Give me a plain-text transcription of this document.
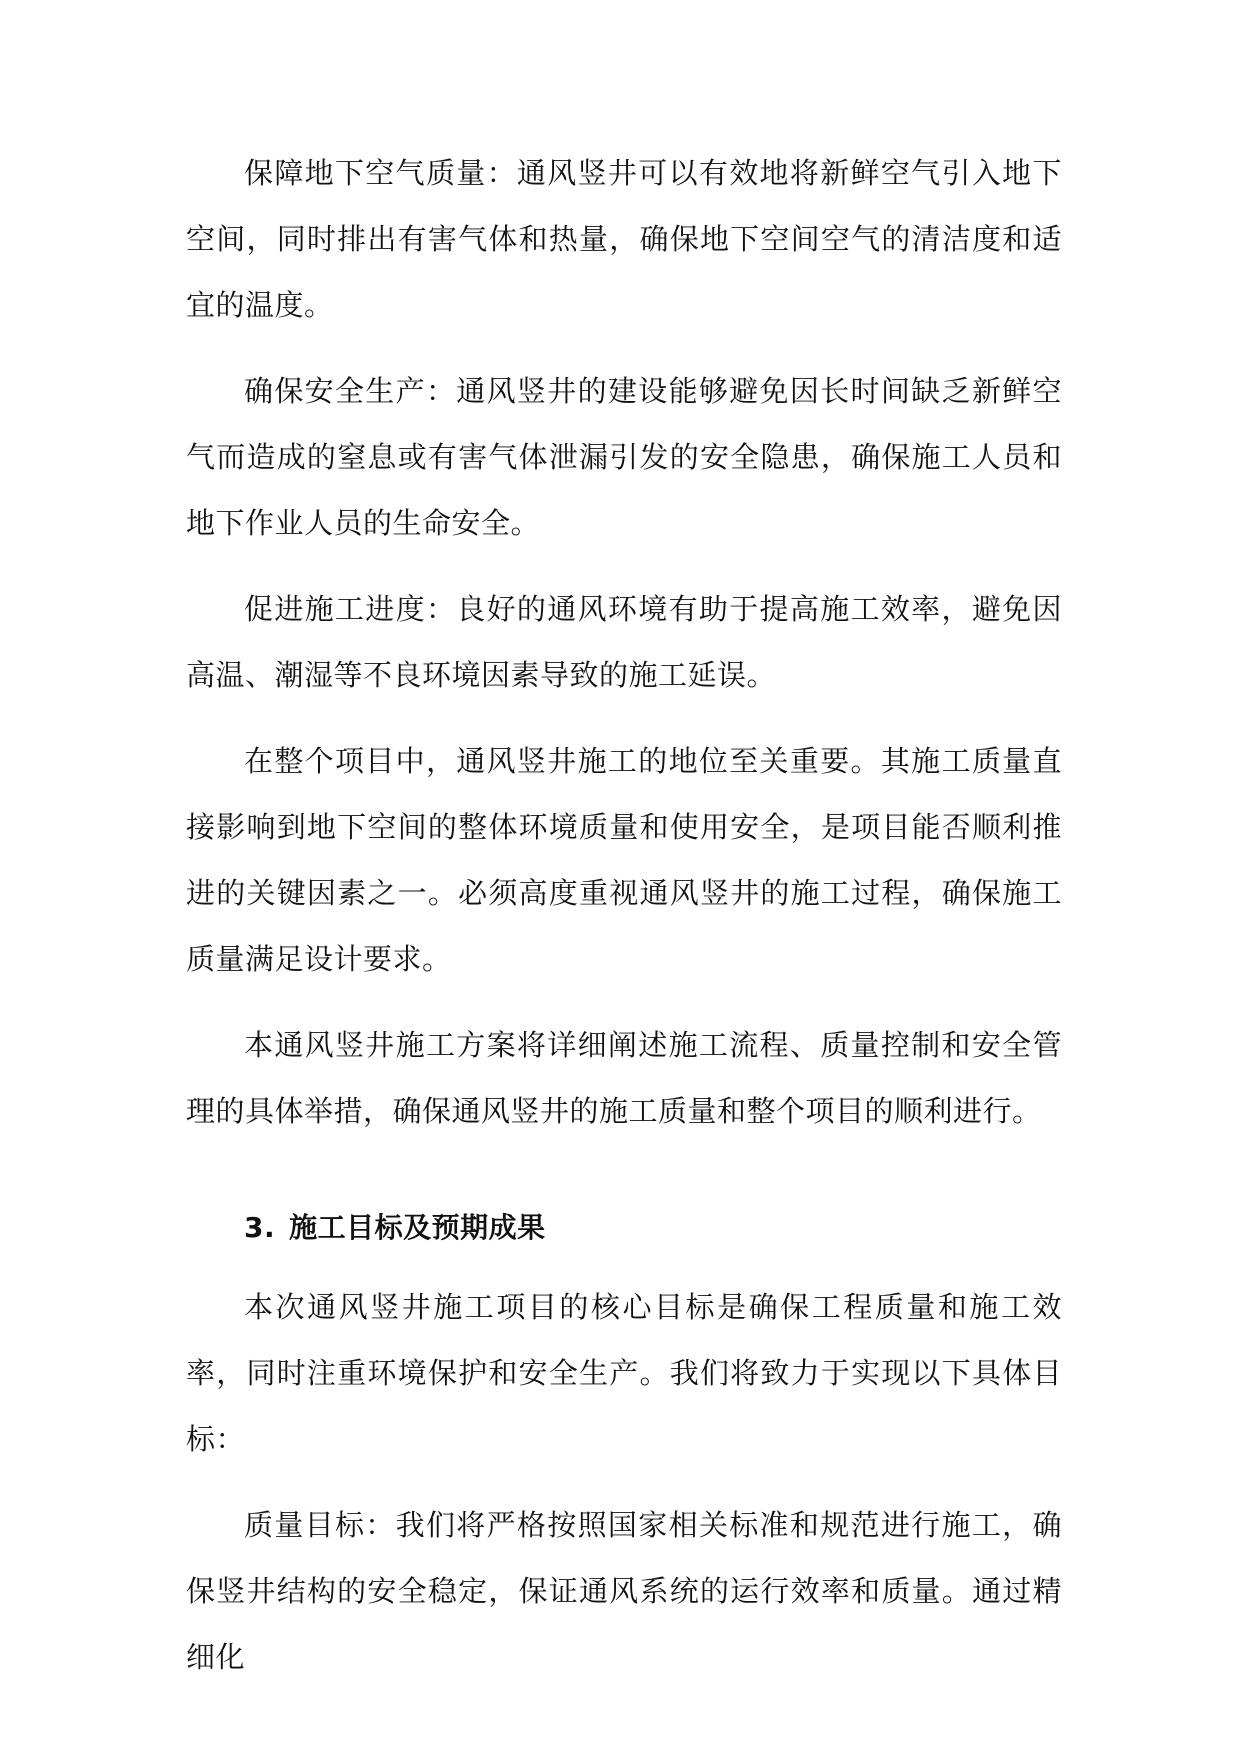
保障地下空气质量：通风竖井可以有效地将新鲜空气引入地下空间，同时排出有害气体和热量，确保地下空间空气的清洁度和适宜的温度。

确保安全生产：通风竖井的建设能够避免因长时间缺乏新鲜空气而造成的窒息或有害气体泄漏引发的安全隐患，确保施工人员和地下作业人员的生命安全。

促进施工进度：良好的通风环境有助于提高施工效率，避免因高温、潮湿等不良环境因素导致的施工延误。

在整个项目中，通风竖井施工的地位至关重要。其施工质量直接影响到地下空间的整体环境质量和使用安全，是项目能否顺利推进的关键因素之一。必须高度重视通风竖井的施工过程，确保施工质量满足设计要求。

本通风竖井施工方案将详细阐述施工流程、质量控制和安全管理的具体举措，确保通风竖井的施工质量和整个项目的顺利进行。

3. 施工目标及预期成果

本次通风竖井施工项目的核心目标是确保工程质量和施工效率，同时注重环境保护和安全生产。我们将致力于实现以下具体目标：

质量目标：我们将严格按照国家相关标准和规范进行施工，确保竖井结构的安全稳定，保证通风系统的运行效率和质量。通过精细化
